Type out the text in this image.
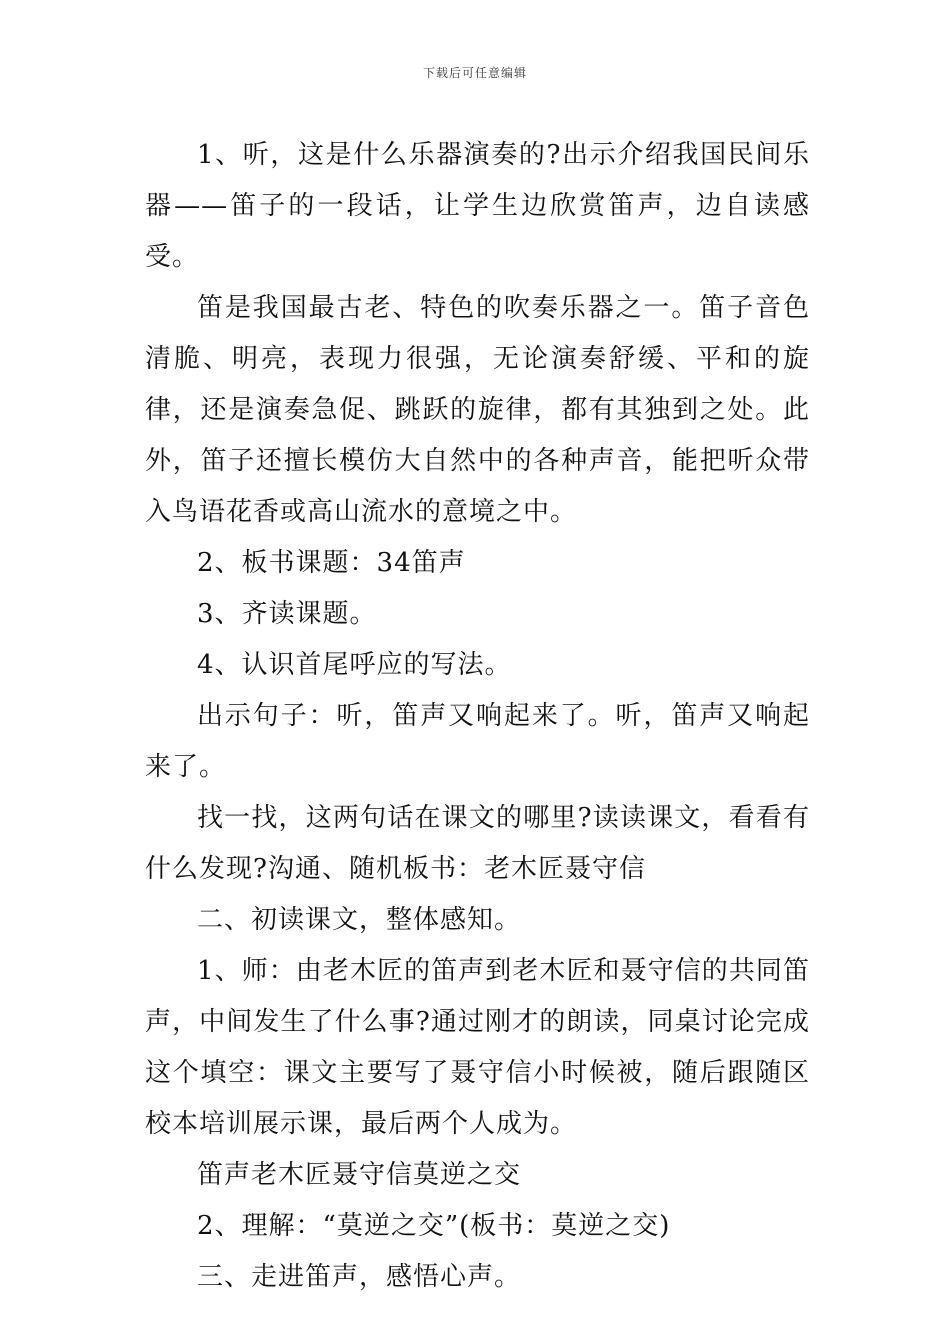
下载后可任意编辑

1、听，这是什么乐器演奏的?出示介绍我国民间乐器——笛子的一段话，让学生边欣赏笛声，边自读感受。

笛是我国最古老、特色的吹奏乐器之一。笛子音色清脆、明亮，表现力很强，无论演奏舒缓、平和的旋律，还是演奏急促、跳跃的旋律，都有其独到之处。此外，笛子还擅长模仿大自然中的各种声音，能把听众带入鸟语花香或高山流水的意境之中。

2、板书课题：34笛声

3、齐读课题。

4、认识首尾呼应的写法。

出示句子：听，笛声又响起来了。听，笛声又响起来了。

找一找，这两句话在课文的哪里?读读课文，看看有什么发现?沟通、随机板书：老木匠聂守信

二、初读课文，整体感知。

1、师：由老木匠的笛声到老木匠和聂守信的共同笛声，中间发生了什么事?通过刚才的朗读，同桌讨论完成这个填空：课文主要写了聂守信小时候被，随后跟随区校本培训展示课，最后两个人成为。

笛声老木匠聂守信莫逆之交

2、理解：“莫逆之交”(板书：莫逆之交)

三、走进笛声，感悟心声。
